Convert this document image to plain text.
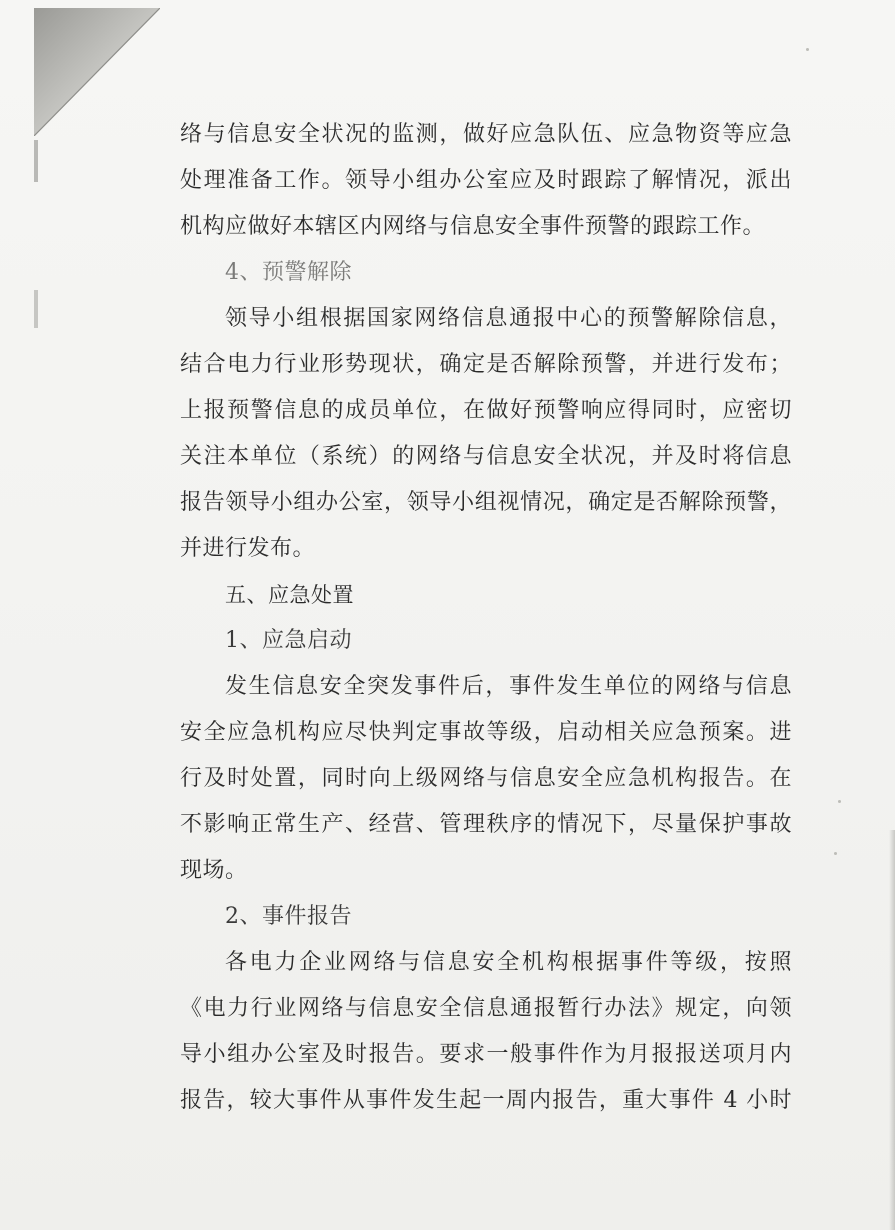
络与信息安全状况的监测，做好应急队伍、应急物资等应急
处理准备工作。领导小组办公室应及时跟踪了解情况，派出
机构应做好本辖区内网络与信息安全事件预警的跟踪工作。
4、预警解除
领导小组根据国家网络信息通报中心的预警解除信息，
结合电力行业形势现状，确定是否解除预警，并进行发布；
上报预警信息的成员单位，在做好预警响应得同时，应密切
关注本单位（系统）的网络与信息安全状况，并及时将信息
报告领导小组办公室，领导小组视情况，确定是否解除预警，
并进行发布。
五、应急处置
1、应急启动
发生信息安全突发事件后，事件发生单位的网络与信息
安全应急机构应尽快判定事故等级，启动相关应急预案。进
行及时处置，同时向上级网络与信息安全应急机构报告。在
不影响正常生产、经营、管理秩序的情况下，尽量保护事故
现场。
2、事件报告
各电力企业网络与信息安全机构根据事件等级，按照
《电力行业网络与信息安全信息通报暂行办法》规定，向领
导小组办公室及时报告。要求一般事件作为月报报送项月内
报告，较大事件从事件发生起一周内报告，重大事件 4 小时
